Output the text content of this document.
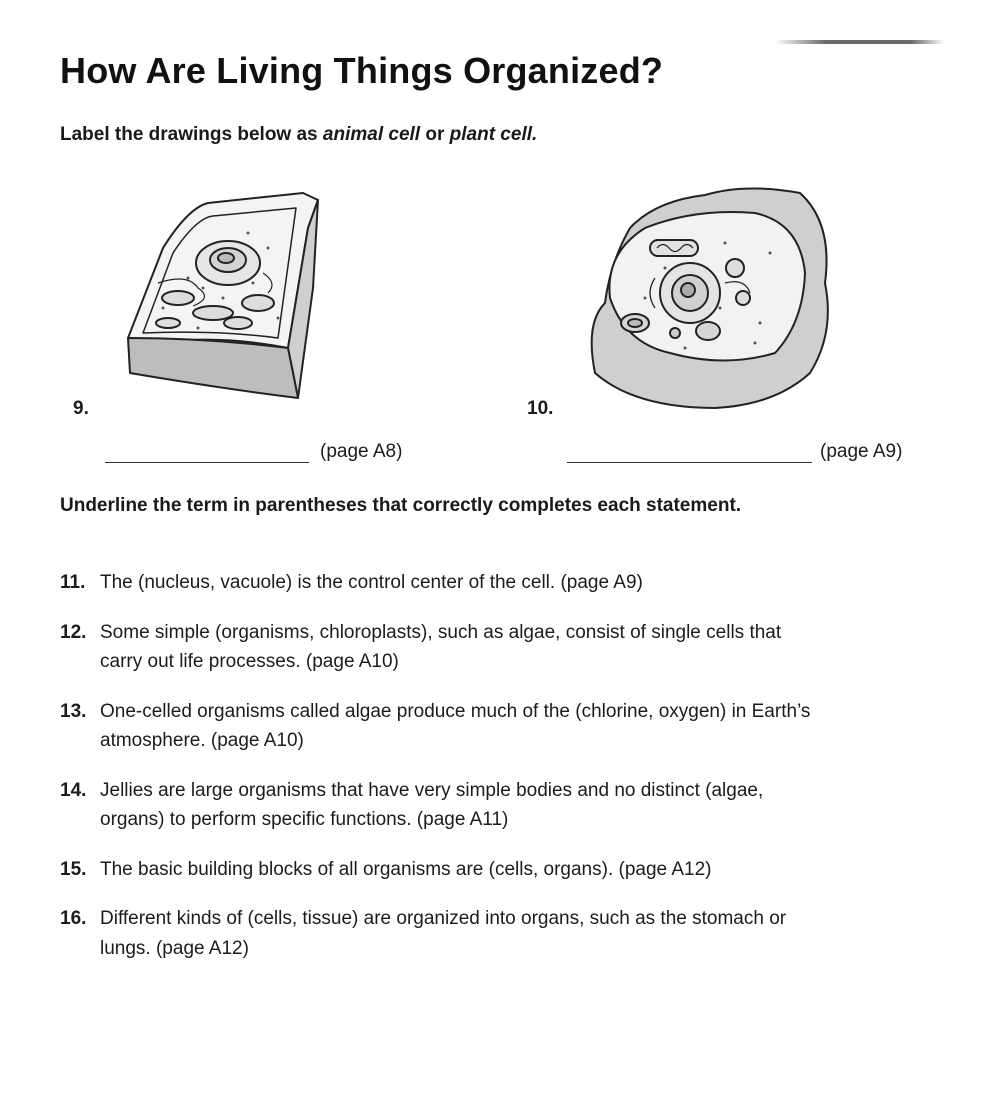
How Are Living Things Organized?

Label the drawings below as animal cell or plant cell.

9.	10.
(page A8)	(page A9)

Underline the term in parentheses that correctly completes each statement.

11. The (nucleus, vacuole) is the control center of the cell. (page A9)
12. Some simple (organisms, chloroplasts), such as algae, consist of single cells that carry out life processes. (page A10)
13. One-celled organisms called algae produce much of the (chlorine, oxygen) in Earth’s atmosphere. (page A10)
14. Jellies are large organisms that have very simple bodies and no distinct (algae, organs) to perform specific functions. (page A11)
15. The basic building blocks of all organisms are (cells, organs). (page A12)
16. Different kinds of (cells, tissue) are organized into organs, such as the stomach or lungs. (page A12)
